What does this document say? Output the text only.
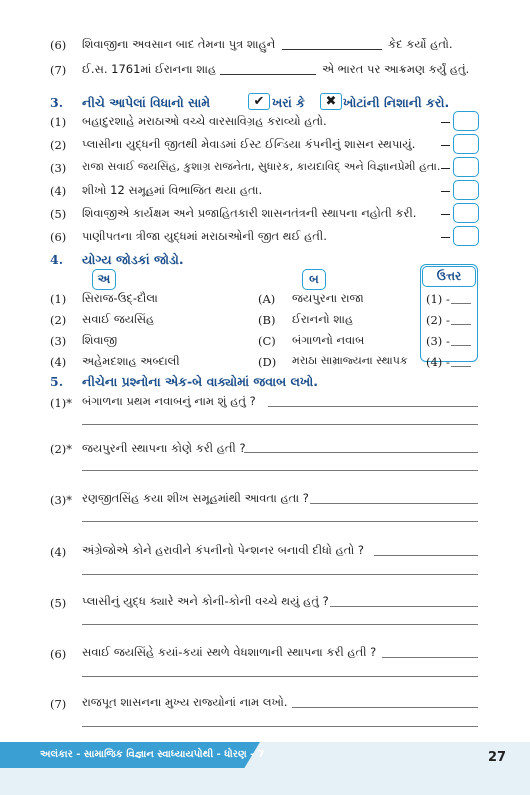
(6) શિવાજીના અવસાન બાદ તેમના પુત્ર શાહુને	કેદ કર્યો હતો.
(7) ઈ.સ. 1761માં ઈરાનના શાહ	એ ભારત પર આક્રમણ કર્યું હતું.
3. નીચે આપેલાં વિધાનો સામે	✔ ખરાં કે	✖ ખોટાંની નિશાની કરો.
(1) બહાદુરશાહે મરાઠાઓ વચ્ચે વારસાવિગ્રહ કરાવ્યો હતો.
(2) પ્લાસીના યુદ્ધની જીતથી મેવાડમાં ઈસ્ટ ઈન્ડિયા કંપનીનું શાસન સ્થપાયું.
(3) રાજા સવાઈ જયસિંહ, કુશાગ્ર રાજનેતા, સુધારક, કાયદાવિદ્ અને વિજ્ઞાનપ્રેમી હતા.
(4) શીખો 12 સમૂહમાં વિભાજિત થયા હતા.
(5) શિવાજીએ કાર્યક્ષમ અને પ્રજાહિતકારી શાસનતંત્રની સ્થાપના નહોતી કરી.
(6) પાણીપતના ત્રીજા યુદ્ધમાં મરાઠાઓની જીત થઈ હતી.
4. યોગ્ય જોડકાં જોડો.
અ	બ	ઉત્તર
(1) સિરાજ-ઉદ્-દૌલા	(A) જયપુરના રાજા	(1) -
(2) સવાઈ જયસિંહ	(B) ઈરાનનો શાહ	(2) -
(3) શિવાજી	(C) બંગાળનો નવાબ	(3) -
(4) અહેમદશાહ અબ્દાલી	(D) મરાઠા સામ્રાજ્યના સ્થાપક (4) -
5. નીચેના પ્રશ્નોના એક-બે વાક્યોમાં જવાબ લખો.
(1)* બંગાળના પ્રથમ નવાબનું નામ શું હતું ?
(2)* જયપુરની સ્થાપના કોણે કરી હતી ?
(3)* રણજીતસિંહ કયા શીખ સમૂહમાંથી આવતા હતા ?
(4) અંગ્રેજોએ કોને હરાવીને કંપનીનો પેન્શનર બનાવી દીધો હતો ?
(5) પ્લાસીનું યુદ્ધ ક્યારે અને કોની-કોની વચ્ચે થયું હતું ?
(6) સવાઈ જયસિંહે કયાં-કયાં સ્થળે વેધશાળાની સ્થાપના કરી હતી ?
(7) રાજપૂત શાસનના મુખ્ય રાજ્યોનાં નામ લખો.
અલંકાર - સામાજિક વિજ્ઞાન સ્વાધ્યાયપોથી - ધોરણ - 7	27
